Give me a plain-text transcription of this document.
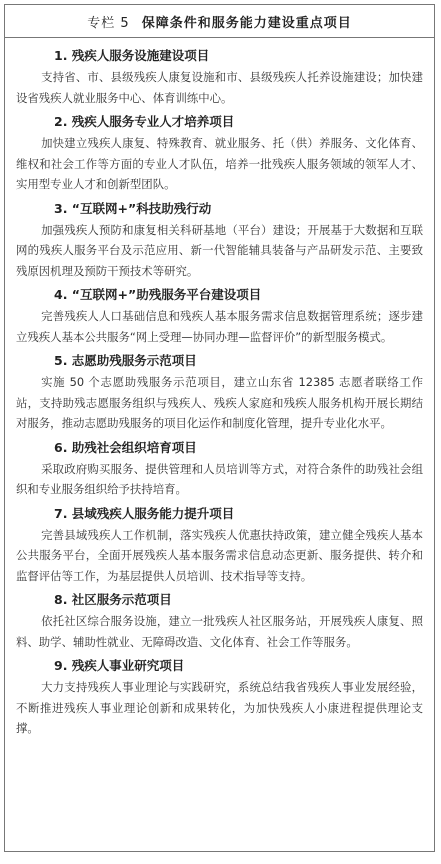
专栏 5 保障条件和服务能力建设重点项目
1. 残疾人服务设施建设项目

支持省、市、县级残疾人康复设施和市、县级残疾人托养设施建设；加快建设省残疾人就业服务中心、体育训练中心。

2. 残疾人服务专业人才培养项目

加快建立残疾人康复、特殊教育、就业服务、托（供）养服务、文化体育、维权和社会工作等方面的专业人才队伍，培养一批残疾人服务领域的领军人才、实用型专业人才和创新型团队。

3. “互联网+”科技助残行动

加强残疾人预防和康复相关科研基地（平台）建设；开展基于大数据和互联网的残疾人服务平台及示范应用、新一代智能辅具装备与产品研发示范、主要致残原因机理及预防干预技术等研究。

4. “互联网+”助残服务平台建设项目

完善残疾人人口基础信息和残疾人基本服务需求信息数据管理系统；逐步建立残疾人基本公共服务“网上受理—协同办理—监督评价”的新型服务模式。

5. 志愿助残服务示范项目

实施 50 个志愿助残服务示范项目，建立山东省 12385 志愿者联络工作站，支持助残志愿服务组织与残疾人、残疾人家庭和残疾人服务机构开展长期结对服务，推动志愿助残服务的项目化运作和制度化管理，提升专业化水平。

6. 助残社会组织培育项目

采取政府购买服务、提供管理和人员培训等方式，对符合条件的助残社会组织和专业服务组织给予扶持培育。

7. 县域残疾人服务能力提升项目

完善县域残疾人工作机制，落实残疾人优惠扶持政策，建立健全残疾人基本公共服务平台，全面开展残疾人基本服务需求信息动态更新、服务提供、转介和监督评估等工作，为基层提供人员培训、技术指导等支持。

8. 社区服务示范项目

依托社区综合服务设施，建立一批残疾人社区服务站，开展残疾人康复、照料、助学、辅助性就业、无障碍改造、文化体育、社会工作等服务。

9. 残疾人事业研究项目

大力支持残疾人事业理论与实践研究，系统总结我省残疾人事业发展经验，不断推进残疾人事业理论创新和成果转化，为加快残疾人小康进程提供理论支撑。
